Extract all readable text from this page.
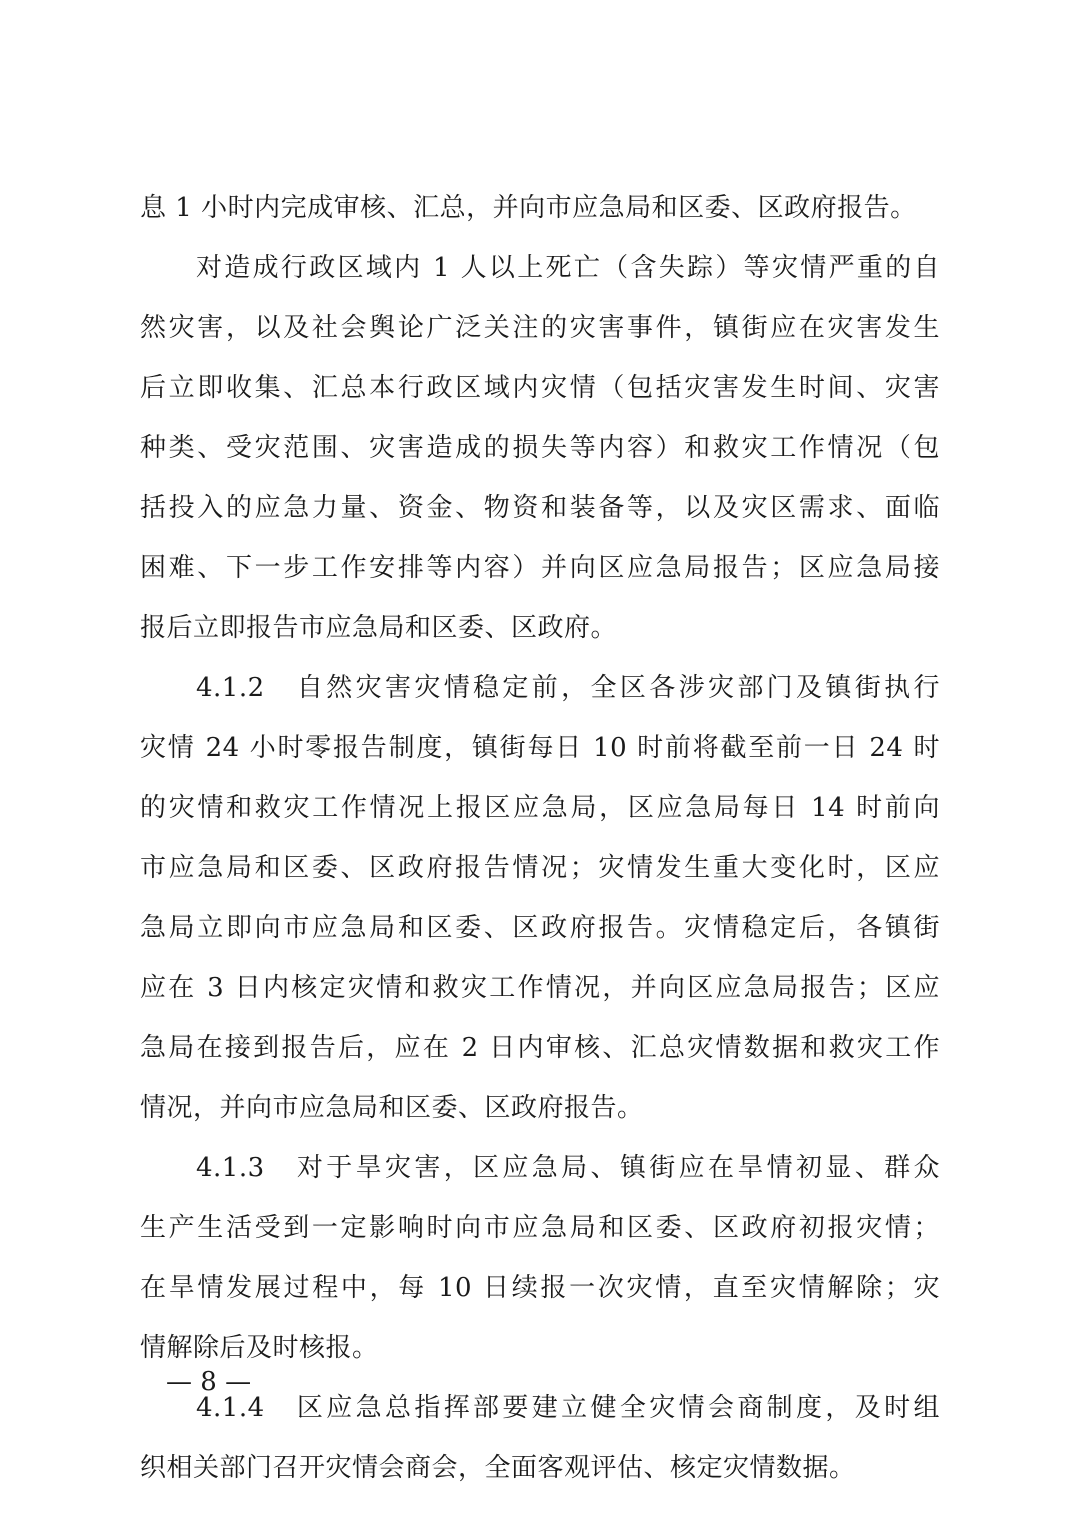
息 1 小时内完成审核、汇总，并向市应急局和区委、区政府报告。
对造成行政区域内 1 人以上死亡（含失踪）等灾情严重的自
然灾害，以及社会舆论广泛关注的灾害事件，镇街应在灾害发生
后立即收集、汇总本行政区域内灾情（包括灾害发生时间、灾害
种类、受灾范围、灾害造成的损失等内容）和救灾工作情况（包
括投入的应急力量、资金、物资和装备等，以及灾区需求、面临
困难、下一步工作安排等内容）并向区应急局报告；区应急局接
报后立即报告市应急局和区委、区政府。
4.1.2　自然灾害灾情稳定前，全区各涉灾部门及镇街执行
灾情 24 小时零报告制度，镇街每日 10 时前将截至前一日 24 时
的灾情和救灾工作情况上报区应急局，区应急局每日 14 时前向
市应急局和区委、区政府报告情况；灾情发生重大变化时，区应
急局立即向市应急局和区委、区政府报告。灾情稳定后，各镇街
应在 3 日内核定灾情和救灾工作情况，并向区应急局报告；区应
急局在接到报告后，应在 2 日内审核、汇总灾情数据和救灾工作
情况，并向市应急局和区委、区政府报告。
4.1.3　对于旱灾害，区应急局、镇街应在旱情初显、群众
生产生活受到一定影响时向市应急局和区委、区政府初报灾情；
在旱情发展过程中，每 10 日续报一次灾情，直至灾情解除；灾
情解除后及时核报。
4.1.4　区应急总指挥部要建立健全灾情会商制度，及时组
织相关部门召开灾情会商会，全面客观评估、核定灾情数据。
— 8 —
